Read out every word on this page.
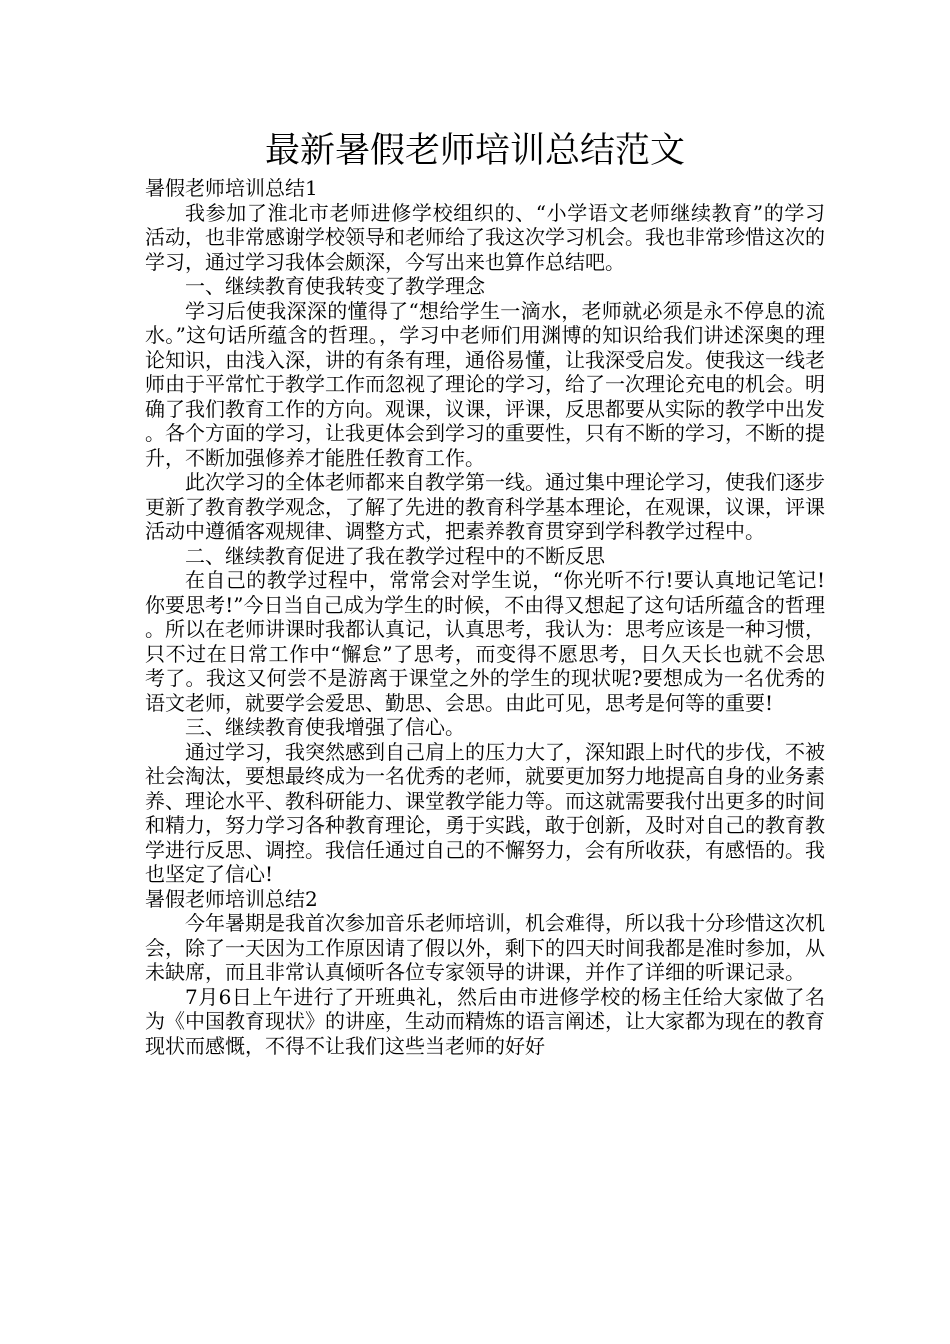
最新暑假老师培训总结范文

暑假老师培训总结1

我参加了淮北市老师进修学校组织的、“小学语文老师继续教育”的学习活动，也非常感谢学校领导和老师给了我这次学习机会。我也非常珍惜这次的学习，通过学习我体会颇深，今写出来也算作总结吧。

一、继续教育使我转变了教学理念

学习后使我深深的懂得了“想给学生一滴水，老师就必须是永不停息的流水。”这句话所蕴含的哲理。，学习中老师们用渊博的知识给我们讲述深奥的理论知识，由浅入深，讲的有条有理，通俗易懂，让我深受启发。使我这一线老师由于平常忙于教学工作而忽视了理论的学习，给了一次理论充电的机会。明确了我们教育工作的方向。观课，议课，评课，反思都要从实际的教学中出发。各个方面的学习，让我更体会到学习的重要性，只有不断的学习，不断的提升，不断加强修养才能胜任教育工作。

此次学习的全体老师都来自教学第一线。通过集中理论学习，使我们逐步更新了教育教学观念，了解了先进的教育科学基本理论，在观课，议课，评课活动中遵循客观规律、调整方式，把素养教育贯穿到学科教学过程中。

二、继续教育促进了我在教学过程中的不断反思

在自己的教学过程中，常常会对学生说，“你光听不行!要认真地记笔记!你要思考!”今日当自己成为学生的时候，不由得又想起了这句话所蕴含的哲理。所以在老师讲课时我都认真记，认真思考，我认为：思考应该是一种习惯，只不过在日常工作中“懈怠”了思考，而变得不愿思考，日久天长也就不会思考了。我这又何尝不是游离于课堂之外的学生的现状呢?要想成为一名优秀的语文老师，就要学会爱思、勤思、会思。由此可见，思考是何等的重要!

三、继续教育使我增强了信心。

通过学习，我突然感到自己肩上的压力大了，深知跟上时代的步伐，不被社会淘汰，要想最终成为一名优秀的老师，就要更加努力地提高自身的业务素养、理论水平、教科研能力、课堂教学能力等。而这就需要我付出更多的时间和精力，努力学习各种教育理论，勇于实践，敢于创新，及时对自己的教育教学进行反思、调控。我信任通过自己的不懈努力，会有所收获，有感悟的。我也坚定了信心!

暑假老师培训总结2

今年暑期是我首次参加音乐老师培训，机会难得，所以我十分珍惜这次机会，除了一天因为工作原因请了假以外，剩下的四天时间我都是准时参加，从未缺席，而且非常认真倾听各位专家领导的讲课，并作了详细的听课记录。

7月6日上午进行了开班典礼，然后由市进修学校的杨主任给大家做了名为《中国教育现状》的讲座，生动而精炼的语言阐述，让大家都为现在的教育现状而感慨，不得不让我们这些当老师的好好
